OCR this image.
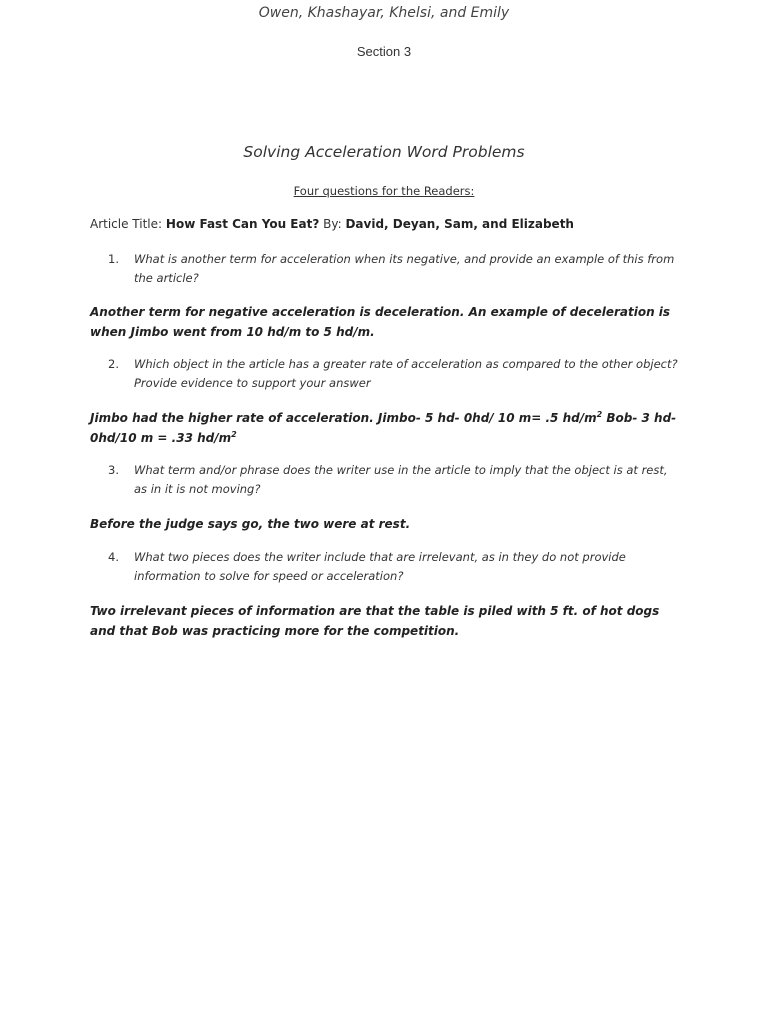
Owen, Khashayar, Khelsi, and Emily
Section 3
Solving Acceleration Word Problems
Four questions for the Readers:
Article Title: How Fast Can You Eat? By: David, Deyan, Sam, and Elizabeth
1.	What is another term for acceleration when its negative, and provide an example of this from the article?
Another term for negative acceleration is deceleration. An example of deceleration is when Jimbo went from 10 hd/m to 5 hd/m.
2.	Which object in the article has a greater rate of acceleration as compared to the other object? Provide evidence to support your answer
Jimbo had the higher rate of acceleration. Jimbo- 5 hd- 0hd/ 10 m= .5 $hd/m^2$ Bob- 3 hd-0hd/10 m = .33 $hd/m^2$
3.	What term and/or phrase does the writer use in the article to imply that the object is at rest, as in it is not moving?
Before the judge says go, the two were at rest.
4.	What two pieces does the writer include that are irrelevant, as in they do not provide information to solve for speed or acceleration?
Two irrelevant pieces of information are that the table is piled with 5 ft. of hot dogs and that Bob was practicing more for the competition.
